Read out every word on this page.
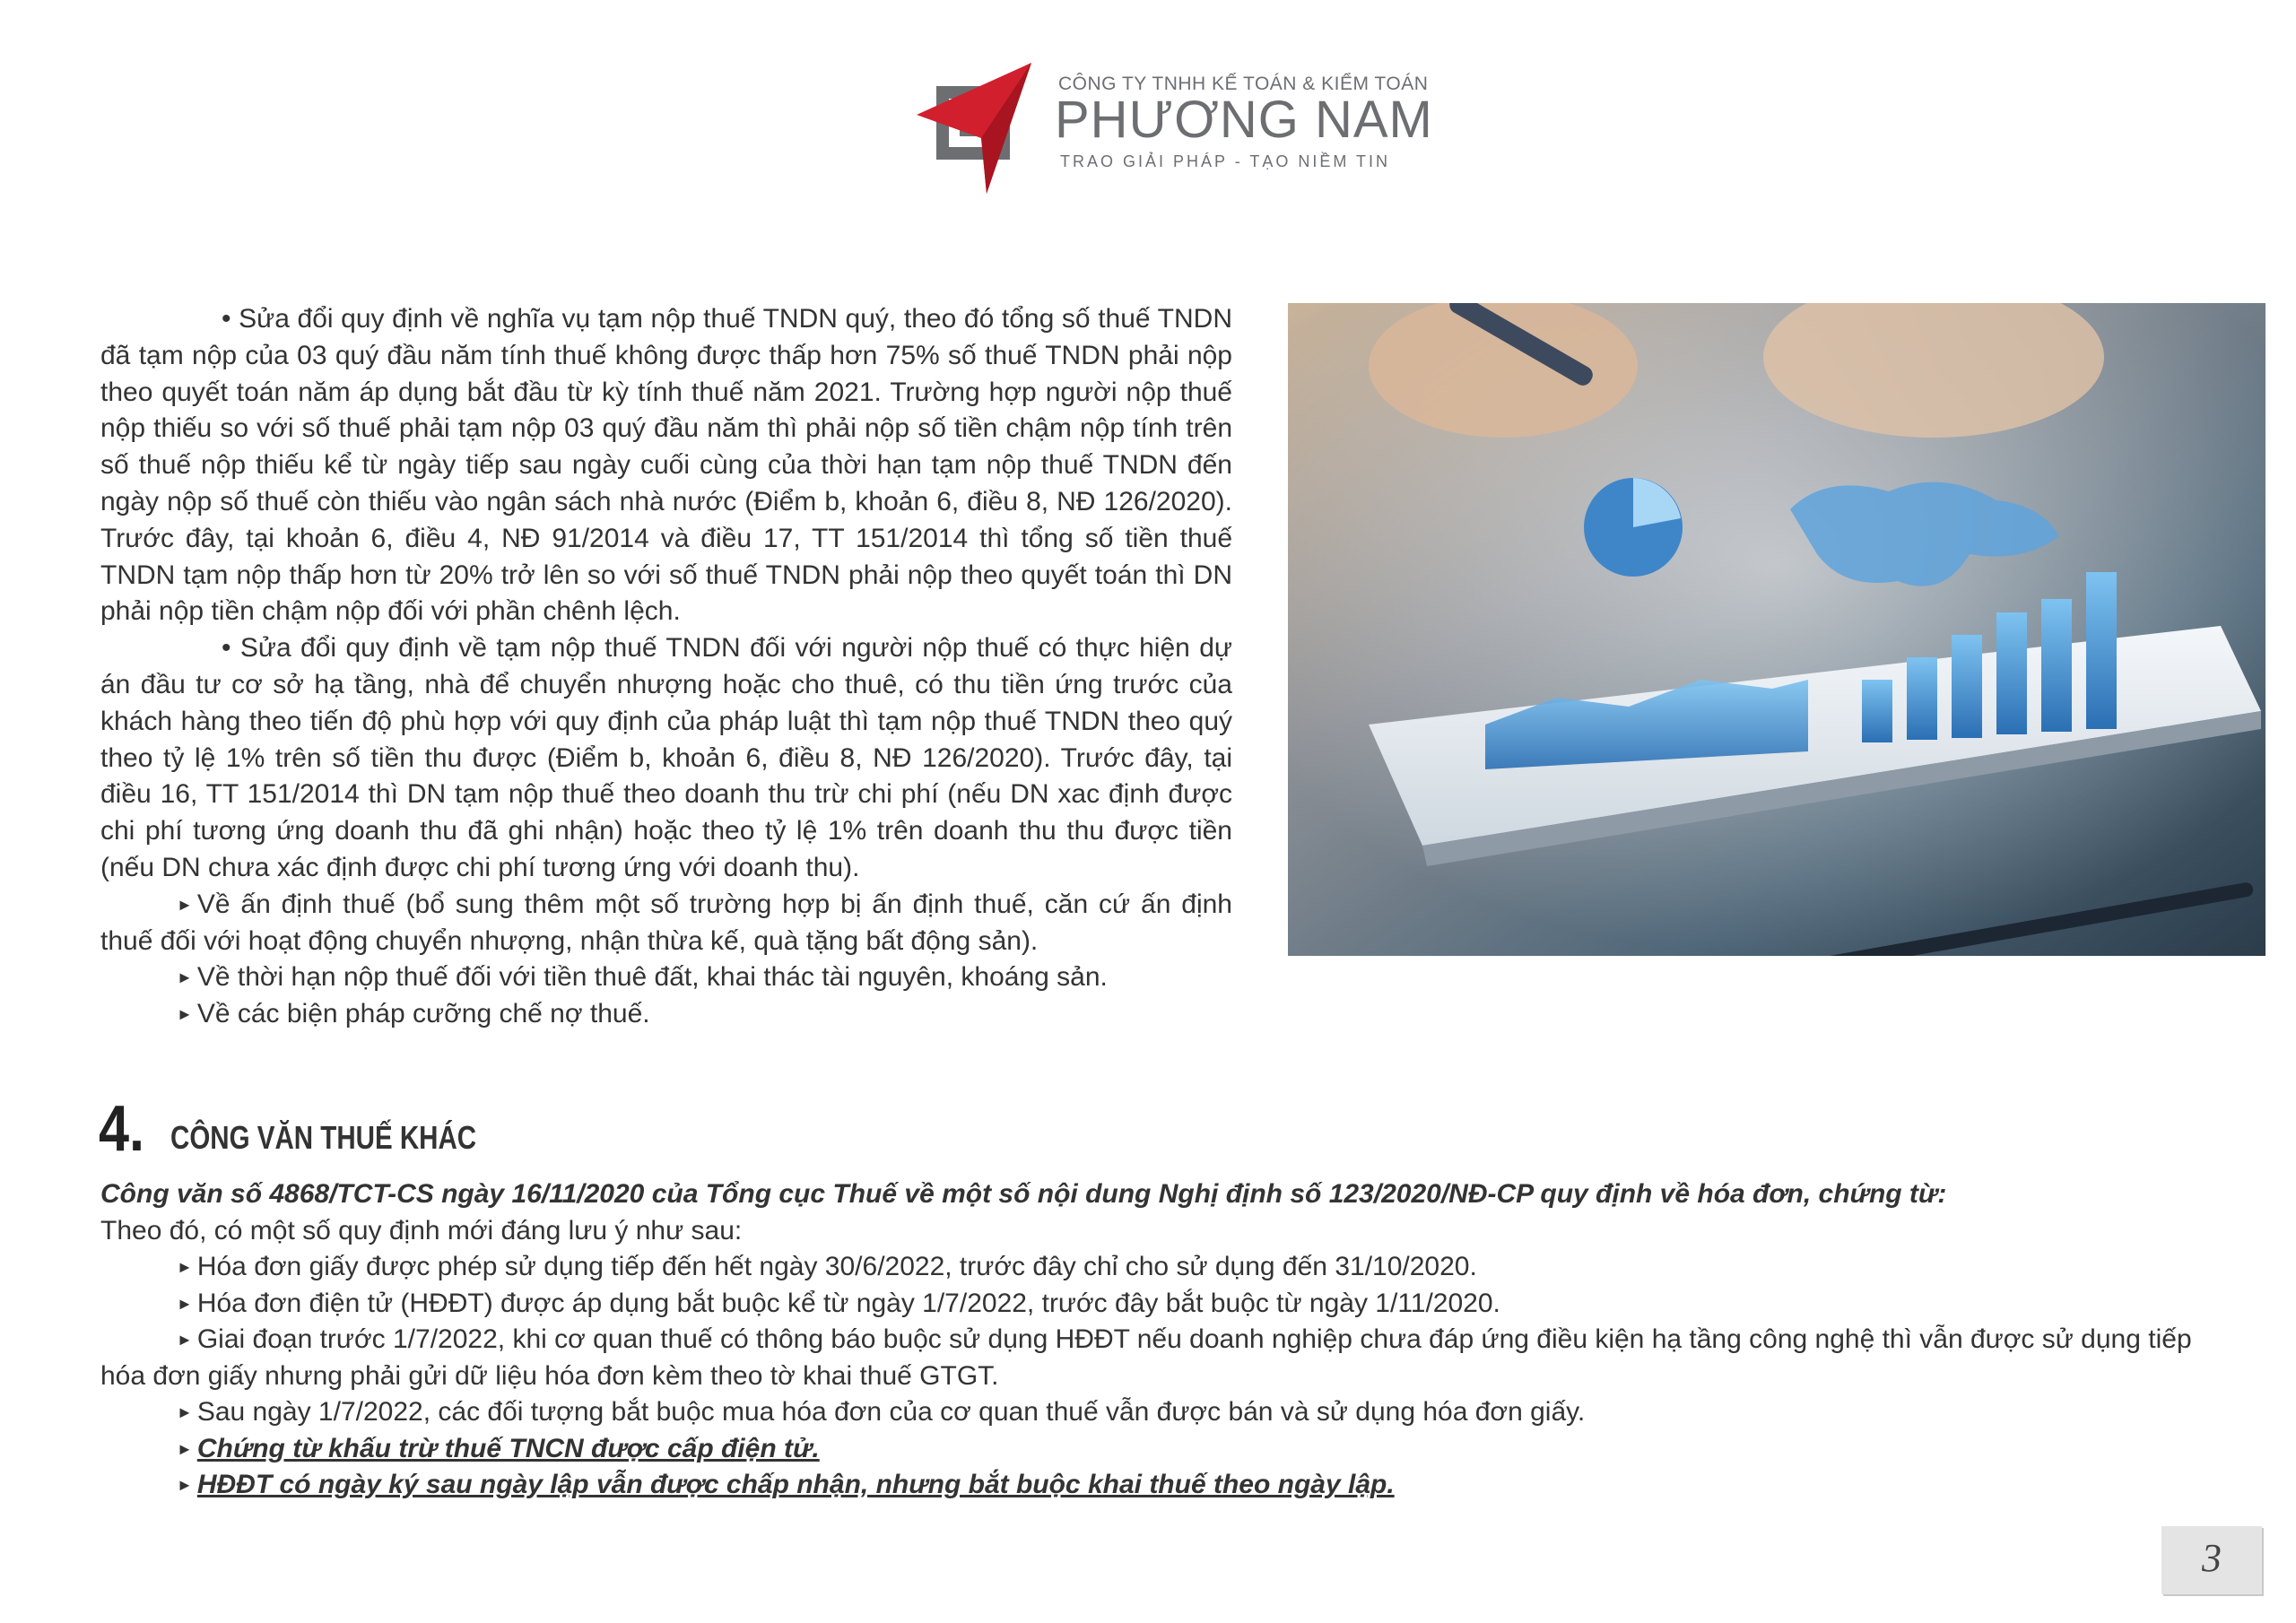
CÔNG TY TNHH KẾ TOÁN & KIỂM TOÁN
PHƯƠNG NAM
TRAO GIẢI PHÁP - TẠO NIỀM TIN

• Sửa đổi quy định về nghĩa vụ tạm nộp thuế TNDN quý, theo đó tổng số thuế TNDN đã tạm nộp của 03 quý đầu năm tính thuế không được thấp hơn 75% số thuế TNDN phải nộp theo quyết toán năm áp dụng bắt đầu từ kỳ tính thuế năm 2021. Trường hợp người nộp thuế nộp thiếu so với số thuế phải tạm nộp 03 quý đầu năm thì phải nộp số tiền chậm nộp tính trên số thuế nộp thiếu kể từ ngày tiếp sau ngày cuối cùng của thời hạn tạm nộp thuế TNDN đến ngày nộp số thuế còn thiếu vào ngân sách nhà nước (Điểm b, khoản 6, điều 8, NĐ 126/2020). Trước đây, tại khoản 6, điều 4, NĐ 91/2014 và điều 17, TT 151/2014 thì tổng số tiền thuế TNDN tạm nộp thấp hơn từ 20% trở lên so với số thuế TNDN phải nộp theo quyết toán thì DN phải nộp tiền chậm nộp đối với phần chênh lệch.

• Sửa đổi quy định về tạm nộp thuế TNDN đối với người nộp thuế có thực hiện dự án đầu tư cơ sở hạ tầng, nhà để chuyển nhượng hoặc cho thuê, có thu tiền ứng trước của khách hàng theo tiến độ phù hợp với quy định của pháp luật thì tạm nộp thuế TNDN theo quý theo tỷ lệ 1% trên số tiền thu được (Điểm b, khoản 6, điều 8, NĐ 126/2020). Trước đây, tại điều 16, TT 151/2014 thì DN tạm nộp thuế theo doanh thu trừ chi phí (nếu DN xac định được chi phí tương ứng doanh thu đã ghi nhận) hoặc theo tỷ lệ 1% trên doanh thu thu được tiền (nếu DN chưa xác định được chi phí tương ứng với doanh thu).

► Về ấn định thuế (bổ sung thêm một số trường hợp bị ấn định thuế, căn cứ ấn định thuế đối với hoạt động chuyển nhượng, nhận thừa kế, quà tặng bất động sản).

► Về thời hạn nộp thuế đối với tiền thuê đất, khai thác tài nguyên, khoáng sản.

► Về các biện pháp cưỡng chế nợ thuế.

4. CÔNG VĂN THUẾ KHÁC

Công văn số 4868/TCT-CS ngày 16/11/2020 của Tổng cục Thuế về một số nội dung Nghị định số 123/2020/NĐ-CP quy định về hóa đơn, chứng từ:

Theo đó, có một số quy định mới đáng lưu ý như sau:

► Hóa đơn giấy được phép sử dụng tiếp đến hết ngày 30/6/2022, trước đây chỉ cho sử dụng đến 31/10/2020.

► Hóa đơn điện tử (HĐĐT) được áp dụng bắt buộc kể từ ngày 1/7/2022, trước đây bắt buộc từ ngày 1/11/2020.

► Giai đoạn trước 1/7/2022, khi cơ quan thuế có thông báo buộc sử dụng HĐĐT nếu doanh nghiệp chưa đáp ứng điều kiện hạ tầng công nghệ thì vẫn được sử dụng tiếp hóa đơn giấy nhưng phải gửi dữ liệu hóa đơn kèm theo tờ khai thuế GTGT.

► Sau ngày 1/7/2022, các đối tượng bắt buộc mua hóa đơn của cơ quan thuế vẫn được bán và sử dụng hóa đơn giấy.

► Chứng từ khấu trừ thuế TNCN được cấp điện tử.

► HĐĐT có ngày ký sau ngày lập vẫn được chấp nhận, nhưng bắt buộc khai thuế theo ngày lập.

3
